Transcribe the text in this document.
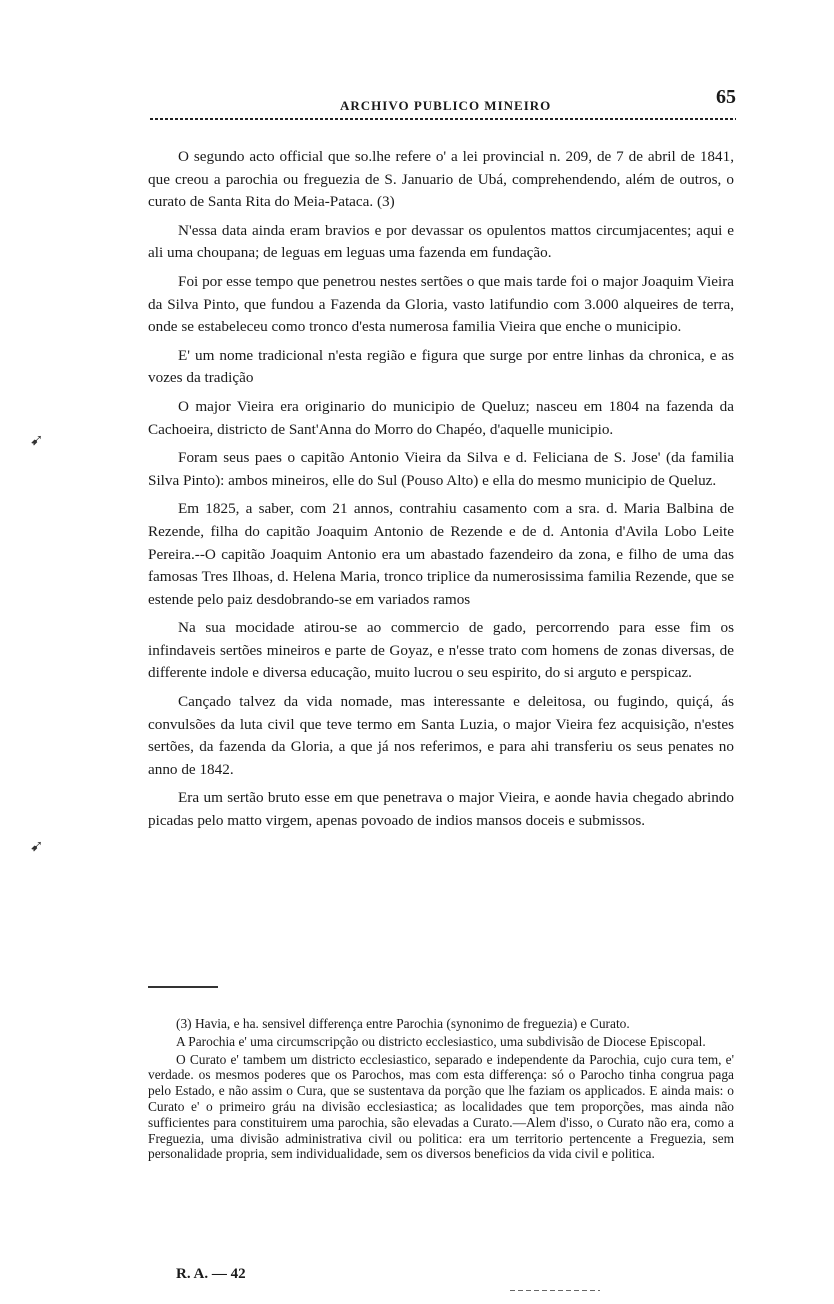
ARCHIVO PUBLICO MINEIRO	65

O segundo acto official que so.lhe refere o' a lei provincial n. 209, de 7 de abril de 1841, que creou a parochia ou freguezia de S. Januario de Ubá, comprehendendo, além de outros, o curato de Santa Rita do Meia-Pataca. (3)

N'essa data ainda eram bravios e por devassar os opulentos mattos circumjacentes; aqui e ali uma choupana; de leguas em leguas uma fazenda em fundação.

Foi por esse tempo que penetrou nestes sertões o que mais tarde foi o major Joaquim Vieira da Silva Pinto, que fundou a Fazenda da Gloria, vasto latifundio com 3.000 alqueires de terra, onde se estabeleceu como tronco d'esta numerosa familia Vieira que enche o municipio.

E' um nome tradicional n'esta região e figura que surge por entre linhas da chronica, e as vozes da tradição

O major Vieira era originario do municipio de Queluz; nasceu em 1804 na fazenda da Cachoeira, districto de Sant'Anna do Morro do Chapéo, d'aquelle municipio.

Foram seus paes o capitão Antonio Vieira da Silva e d. Feliciana de S. Jose' (da familia Silva Pinto): ambos mineiros, elle do Sul (Pouso Alto) e ella do mesmo municipio de Queluz.

Em 1825, a saber, com 21 annos, contrahiu casamento com a sra. d. Maria Balbina de Rezende, filha do capitão Joaquim Antonio de Rezende e de d. Antonia d'Avila Lobo Leite Pereira.--O capitão Joaquim Antonio era um abastado fazendeiro da zona, e filho de uma das famosas Tres Ilhoas, d. Helena Maria, tronco triplice da numerosissima familia Rezende, que se estende pelo paiz desdobrando-se em variados ramos

Na sua mocidade atirou-se ao commercio de gado, percorrendo para esse fim os infindaveis sertões mineiros e parte de Goyaz, e n'esse trato com homens de zonas diversas, de differente indole e diversa educação, muito lucrou o seu espirito, do si arguto e perspicaz.

Cançado talvez da vida nomade, mas interessante e deleitosa, ou fugindo, quiçá, ás convulsões da luta civil que teve termo em Santa Luzia, o major Vieira fez acquisição, n'estes sertões, da fazenda da Gloria, a que já nos referimos, e para ahi transferiu os seus penates no anno de 1842.

Era um sertão bruto esse em que penetrava o major Vieira, e aonde havia chegado abrindo picadas pelo matto virgem, apenas povoado de indios mansos doceis e submissos.

(3) Havia, e ha. sensivel differença entre Parochia (synonimo de freguezia) e Curato.

A Parochia e' uma circumscripção ou districto ecclesiastico, uma subdivisão de Diocese Episcopal.

O Curato e' tambem um districto ecclesiastico, separado e independente da Parochia, cujo cura tem, e' verdade. os mesmos poderes que os Parochos, mas com esta differença: só o Parocho tinha congrua paga pelo Estado, e não assim o Cura, que se sustentava da porção que lhe faziam os applicados. E ainda mais: o Curato e' o primeiro gráu na divisão ecclesiastica; as localidades que tem proporções, mas ainda não sufficientes para constituirem uma parochia, são elevadas a Curato.—Alem d'isso, o Curato não era, como a Freguezia, uma divisão administrativa civil ou politica: era um territorio pertencente a Freguezia, sem personalidade propria, sem individualidade, sem os diversos beneficios da vida civil e politica.

R. A. — 42
➹
➹
